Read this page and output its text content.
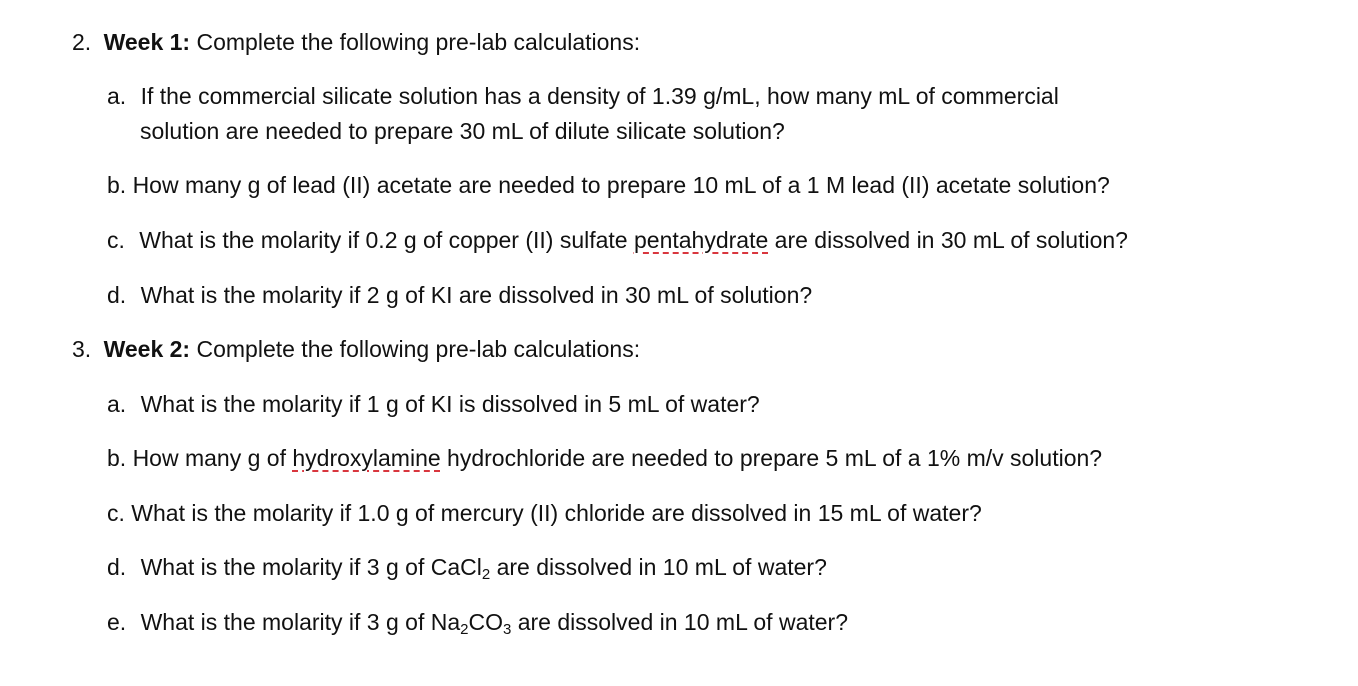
2. Week 1: Complete the following pre-lab calculations:
a. If the commercial silicate solution has a density of 1.39 g/mL, how many mL of commercial
solution are needed to prepare 30 mL of dilute silicate solution?
b. How many g of lead (II) acetate are needed to prepare 10 mL of a 1 M lead (II) acetate solution?
c. What is the molarity if 0.2 g of copper (II) sulfate pentahydrate are dissolved in 30 mL of solution?
d. What is the molarity if 2 g of KI are dissolved in 30 mL of solution?
3. Week 2: Complete the following pre-lab calculations:
a. What is the molarity if 1 g of KI is dissolved in 5 mL of water?
b. How many g of hydroxylamine hydrochloride are needed to prepare 5 mL of a 1% m/v solution?
c. What is the molarity if 1.0 g of mercury (II) chloride are dissolved in 15 mL of water?
d. What is the molarity if 3 g of CaCl$_2$ are dissolved in 10 mL of water?
e. What is the molarity if 3 g of $Na_2CO_3$ are dissolved in 10 mL of water?
